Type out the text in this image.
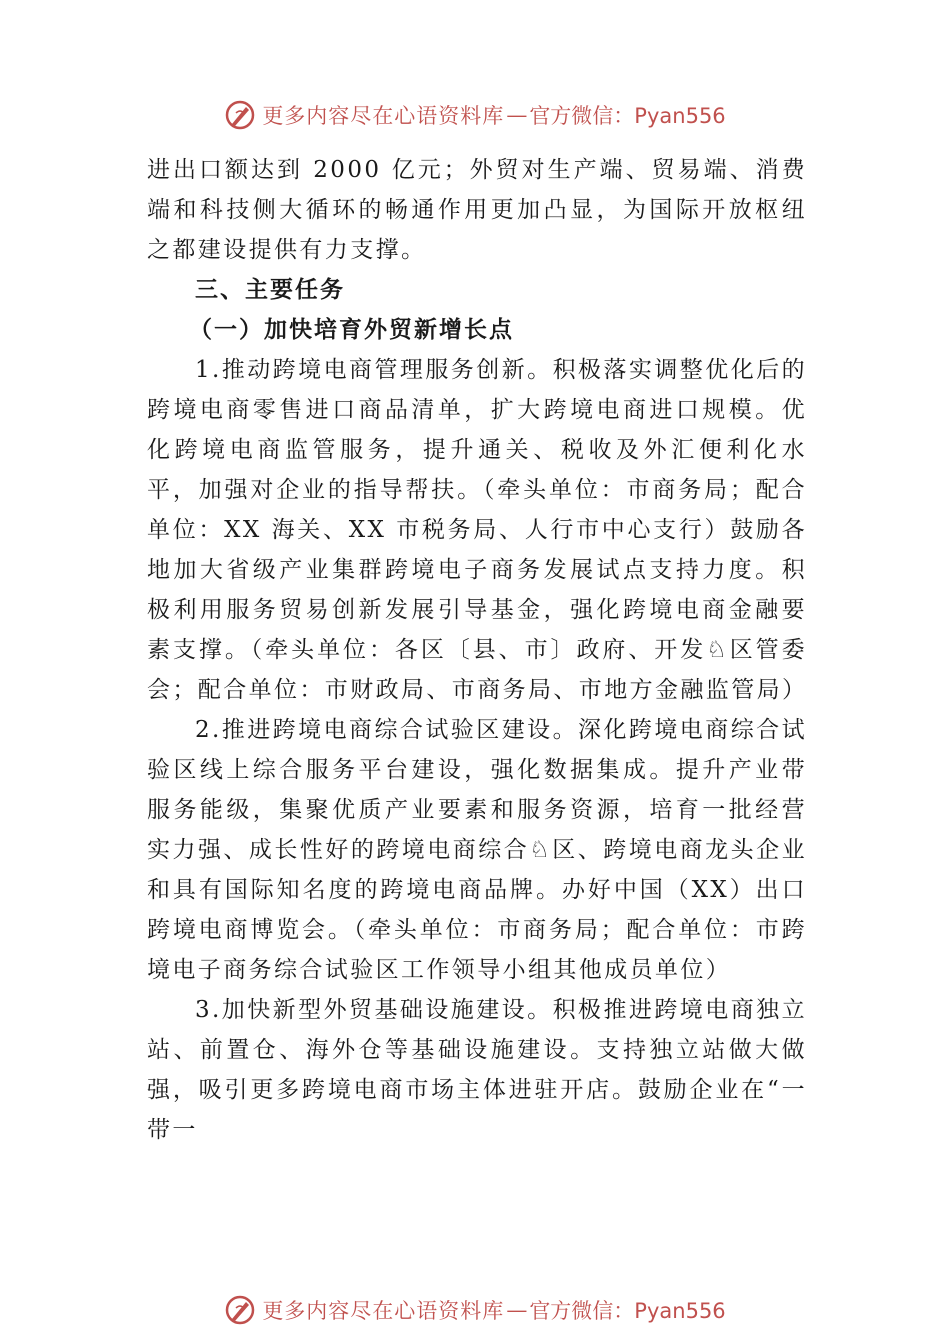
更多内容尽在心语资料库 — 官方微信：Pyan556

进出口额达到 2000 亿元；外贸对生产端、贸易端、消费端和科技侧大循环的畅通作用更加凸显，为国际开放枢纽之都建设提供有力支撑。

三、主要任务

（一）加快培育外贸新增长点

1.推动跨境电商管理服务创新。积极落实调整优化后的跨境电商零售进口商品清单，扩大跨境电商进口规模。优化跨境电商监管服务，提升通关、税收及外汇便利化水平，加强对企业的指导帮扶。（牵头单位：市商务局；配合单位：XX 海关、XX 市税务局、人行市中心支行）鼓励各地加大省级产业集群跨境电子商务发展试点支持力度。积极利用服务贸易创新发展引导基金，强化跨境电商金融要素支撑。（牵头单位：各区〔县、市〕政府、开发♘区管委会；配合单位：市财政局、市商务局、市地方金融监管局）

2.推进跨境电商综合试验区建设。深化跨境电商综合试验区线上综合服务平台建设，强化数据集成。提升产业带服务能级，集聚优质产业要素和服务资源，培育一批经营实力强、成长性好的跨境电商综合♘区、跨境电商龙头企业和具有国际知名度的跨境电商品牌。办好中国（XX）出口跨境电商博览会。（牵头单位：市商务局；配合单位：市跨境电子商务综合试验区工作领导小组其他成员单位）

3.加快新型外贸基础设施建设。积极推进跨境电商独立站、前置仓、海外仓等基础设施建设。支持独立站做大做强，吸引更多跨境电商市场主体进驻开店。鼓励企业在“一带一

更多内容尽在心语资料库 — 官方微信：Pyan556
